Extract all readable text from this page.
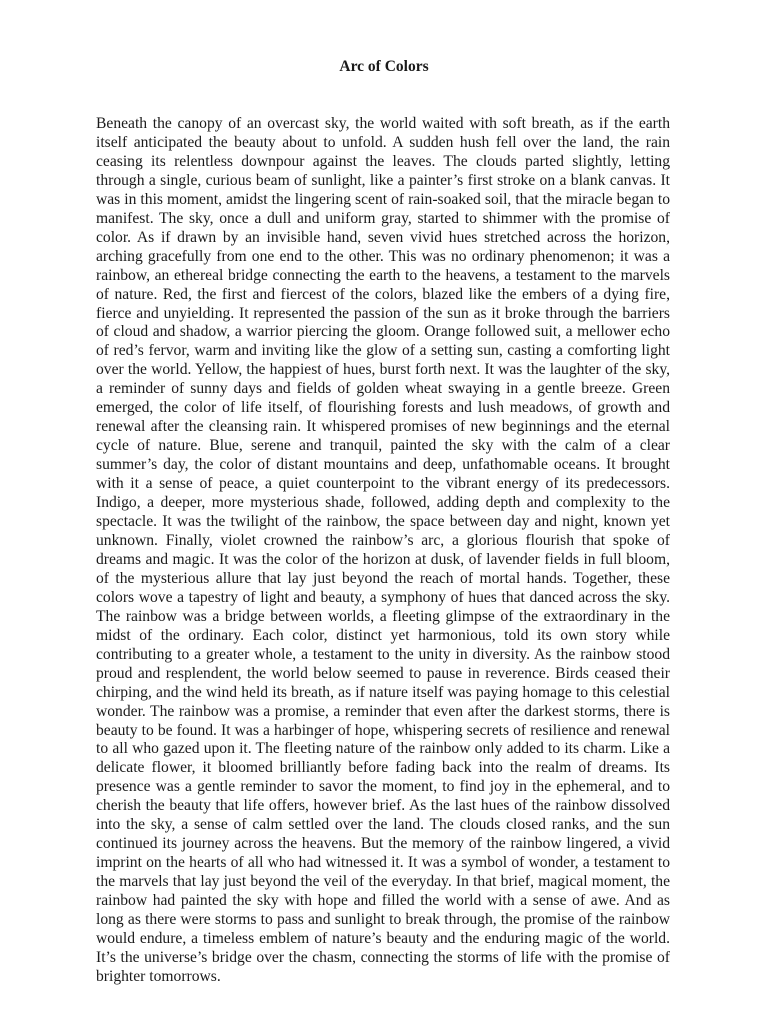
Arc of Colors

Beneath the canopy of an overcast sky, the world waited with soft breath, as if the earth itself anticipated the beauty about to unfold. A sudden hush fell over the land, the rain ceasing its relentless downpour against the leaves. The clouds parted slightly, letting through a single, curious beam of sunlight, like a painter’s first stroke on a blank canvas. It was in this moment, amidst the lingering scent of rain-soaked soil, that the miracle began to manifest. The sky, once a dull and uniform gray, started to shimmer with the promise of color. As if drawn by an invisible hand, seven vivid hues stretched across the horizon, arching gracefully from one end to the other. This was no ordinary phenomenon; it was a rainbow, an ethereal bridge connecting the earth to the heavens, a testament to the marvels of nature. Red, the first and fiercest of the colors, blazed like the embers of a dying fire, fierce and unyielding. It represented the passion of the sun as it broke through the barriers of cloud and shadow, a warrior piercing the gloom. Orange followed suit, a mellower echo of red’s fervor, warm and inviting like the glow of a setting sun, casting a comforting light over the world. Yellow, the happiest of hues, burst forth next. It was the laughter of the sky, a reminder of sunny days and fields of golden wheat swaying in a gentle breeze. Green emerged, the color of life itself, of flourishing forests and lush meadows, of growth and renewal after the cleansing rain. It whispered promises of new beginnings and the eternal cycle of nature. Blue, serene and tranquil, painted the sky with the calm of a clear summer’s day, the color of distant mountains and deep, unfathomable oceans. It brought with it a sense of peace, a quiet counterpoint to the vibrant energy of its predecessors. Indigo, a deeper, more mysterious shade, followed, adding depth and complexity to the spectacle. It was the twilight of the rainbow, the space between day and night, known yet unknown. Finally, violet crowned the rainbow’s arc, a glorious flourish that spoke of dreams and magic. It was the color of the horizon at dusk, of lavender fields in full bloom, of the mysterious allure that lay just beyond the reach of mortal hands. Together, these colors wove a tapestry of light and beauty, a symphony of hues that danced across the sky. The rainbow was a bridge between worlds, a fleeting glimpse of the extraordinary in the midst of the ordinary. Each color, distinct yet harmonious, told its own story while contributing to a greater whole, a testament to the unity in diversity. As the rainbow stood proud and resplendent, the world below seemed to pause in reverence. Birds ceased their chirping, and the wind held its breath, as if nature itself was paying homage to this celestial wonder. The rainbow was a promise, a reminder that even after the darkest storms, there is beauty to be found. It was a harbinger of hope, whispering secrets of resilience and renewal to all who gazed upon it. The fleeting nature of the rainbow only added to its charm. Like a delicate flower, it bloomed brilliantly before fading back into the realm of dreams. Its presence was a gentle reminder to savor the moment, to find joy in the ephemeral, and to cherish the beauty that life offers, however brief. As the last hues of the rainbow dissolved into the sky, a sense of calm settled over the land. The clouds closed ranks, and the sun continued its journey across the heavens. But the memory of the rainbow lingered, a vivid imprint on the hearts of all who had witnessed it. It was a symbol of wonder, a testament to the marvels that lay just beyond the veil of the everyday. In that brief, magical moment, the rainbow had painted the sky with hope and filled the world with a sense of awe. And as long as there were storms to pass and sunlight to break through, the promise of the rainbow would endure, a timeless emblem of nature’s beauty and the enduring magic of the world. It’s the universe’s bridge over the chasm, connecting the storms of life with the promise of brighter tomorrows.
